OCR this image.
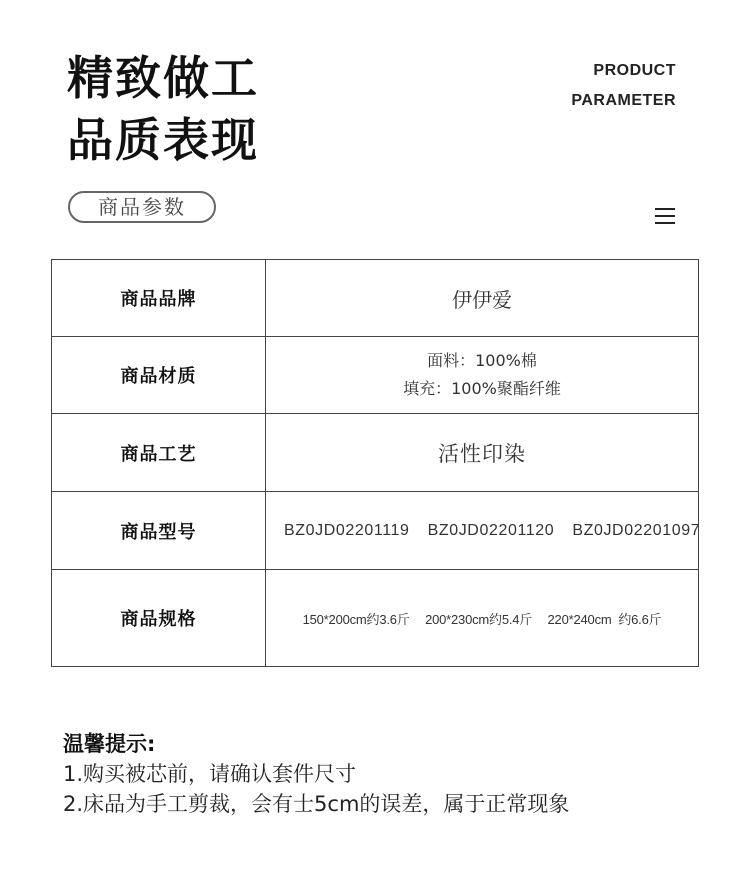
精致做工
品质表现
PRODUCT
PARAMETER
商品参数
商品品牌	伊伊爱
商品材质	面料：100%棉
填充：100%聚酯纤维

商品工艺	活性印染
商品型号	BZ0JD02201119 BZ0JD02201120 BZ0JD02201097
商品规格	150*200cm约3.6斤 200*230cm约5.4斤 220*240cm  约6.6斤
温馨提示:
1.购买被芯前，请确认套件尺寸
2.床品为手工剪裁，会有士5cm的误差，属于正常现象
